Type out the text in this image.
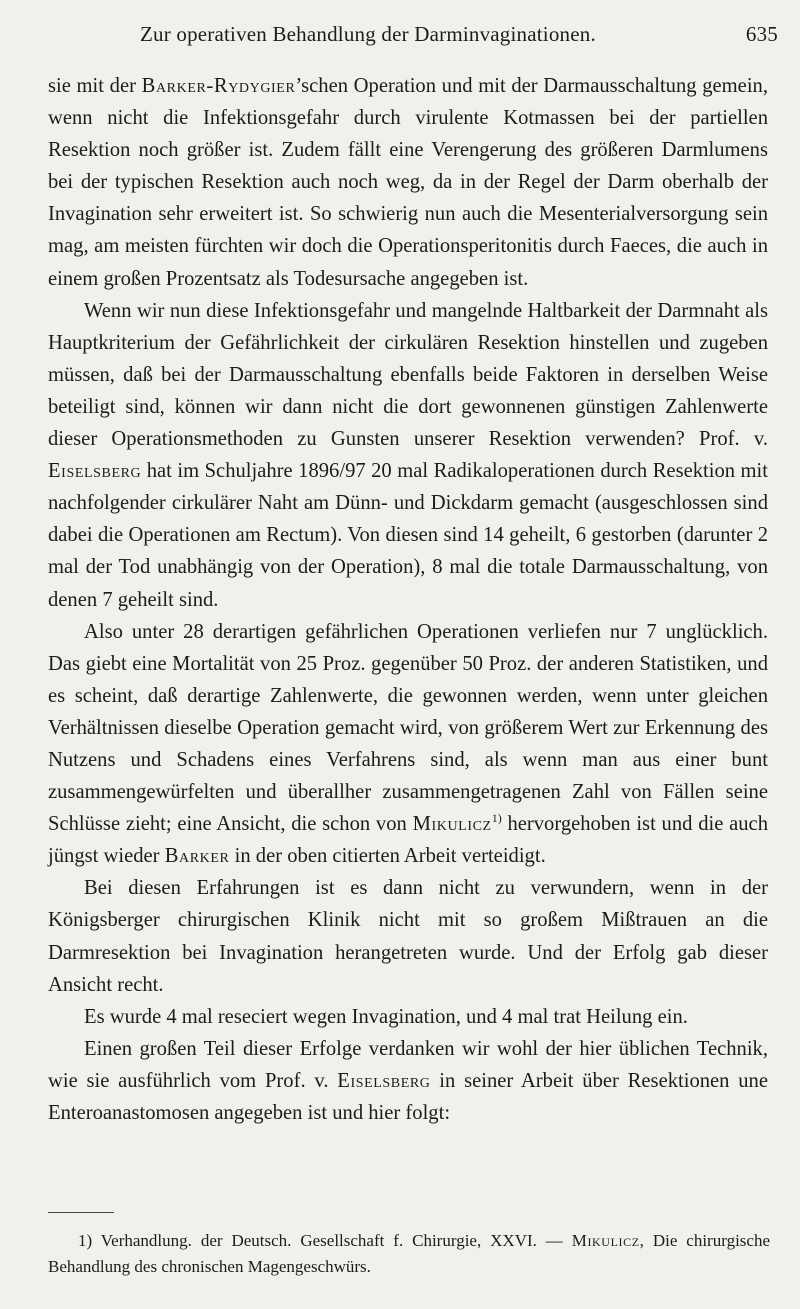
Zur operativen Behandlung der Darminvaginationen.	635

sie mit der Barker-Rydygier’schen Operation und mit der Darmausschaltung gemein, wenn nicht die Infektionsgefahr durch virulente Kotmassen bei der partiellen Resektion noch größer ist. Zudem fällt eine Verengerung des größeren Darmlumens bei der typischen Resektion auch noch weg, da in der Regel der Darm oberhalb der Invagination sehr erweitert ist. So schwierig nun auch die Mesenterialversorgung sein mag, am meisten fürchten wir doch die Operationsperitonitis durch Faeces, die auch in einem großen Prozentsatz als Todesursache angegeben ist.

Wenn wir nun diese Infektionsgefahr und mangelnde Haltbarkeit der Darmnaht als Hauptkriterium der Gefährlichkeit der cirkulären Resektion hinstellen und zugeben müssen, daß bei der Darmausschaltung ebenfalls beide Faktoren in derselben Weise beteiligt sind, können wir dann nicht die dort gewonnenen günstigen Zahlenwerte dieser Operationsmethoden zu Gunsten unserer Resektion verwenden? Prof. v. Eiselsberg hat im Schuljahre 1896/97 20 mal Radikaloperationen durch Resektion mit nachfolgender cirkulärer Naht am Dünn- und Dickdarm gemacht (ausgeschlossen sind dabei die Operationen am Rectum). Von diesen sind 14 geheilt, 6 gestorben (darunter 2 mal der Tod unabhängig von der Operation), 8 mal die totale Darmausschaltung, von denen 7 geheilt sind.

Also unter 28 derartigen gefährlichen Operationen verliefen nur 7 unglücklich. Das giebt eine Mortalität von 25 Proz. gegenüber 50 Proz. der anderen Statistiken, und es scheint, daß derartige Zahlenwerte, die gewonnen werden, wenn unter gleichen Verhältnissen dieselbe Operation gemacht wird, von größerem Wert zur Erkennung des Nutzens und Schadens eines Verfahrens sind, als wenn man aus einer bunt zusammengewürfelten und überallher zusammengetragenen Zahl von Fällen seine Schlüsse zieht; eine Ansicht, die schon von Mikulicz$^{1)}$ hervorgehoben ist und die auch jüngst wieder Barker in der oben citierten Arbeit verteidigt.

Bei diesen Erfahrungen ist es dann nicht zu verwundern, wenn in der Königsberger chirurgischen Klinik nicht mit so großem Mißtrauen an die Darmresektion bei Invagination herangetreten wurde. Und der Erfolg gab dieser Ansicht recht.

Es wurde 4 mal reseciert wegen Invagination, und 4 mal trat Heilung ein.

Einen großen Teil dieser Erfolge verdanken wir wohl der hier üblichen Technik, wie sie ausführlich vom Prof. v. Eiselsberg in seiner Arbeit über Resektionen une Enteroanastomosen angegeben ist und hier folgt:

1) Verhandlung. der Deutsch. Gesellschaft f. Chirurgie, XXVI. — Mikulicz, Die chirurgische Behandlung des chronischen Magengeschwürs.
